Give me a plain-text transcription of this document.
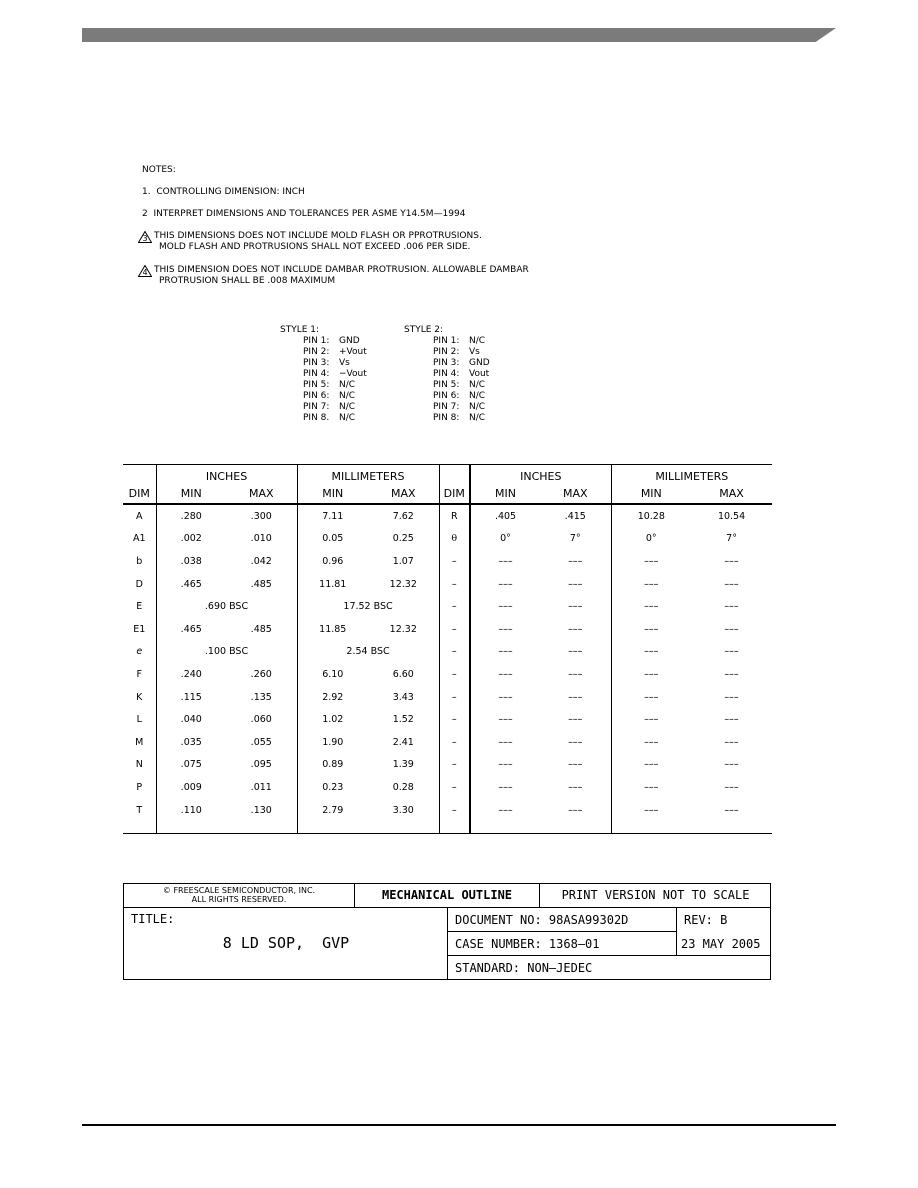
NOTES:
1. CONTROLLING DIMENSION: INCH
2 INTERPRET DIMENSIONS AND TOLERANCES PER ASME Y14.5M—1994
3 THIS DIMENSIONS DOES NOT INCLUDE MOLD FLASH OR PPROTRUSIONS.
MOLD FLASH AND PROTRUSIONS SHALL NOT EXCEED .006 PER SIDE.
4 THIS DIMENSION DOES NOT INCLUDE DAMBAR PROTRUSION. ALLOWABLE DAMBAR
PROTRUSION SHALL BE .008 MAXIMUM
STYLE 1:
PIN 1: GND
PIN 2: +Vout
PIN 3: Vs
PIN 4: −Vout
PIN 5: N/C
PIN 6: N/C
PIN 7: N/C
PIN 8. N/C
STYLE 2:
PIN 1: N/C
PIN 2: Vs
PIN 3: GND
PIN 4: Vout
PIN 5: N/C
PIN 6: N/C
PIN 7: N/C
PIN 8: N/C
	INCHES		MILLIMETERS			INCHES		MILLIMETERS	
DIM	MIN	MAX	MIN	MAX	DIM	MIN	MAX	MIN	MAX
A	.280	.300	7.11	7.62	R	.405	.415	10.28	10.54
A1	.002	.010	0.05	0.25	θ	0°	7°	0°	7°
b	.038	.042	0.96	1.07	–	–––	–––	–––	–––
D	.465	.485	11.81	12.32	–	–––	–––	–––	–––
E	.690 BSC		17.52 BSC		–	–––	–––	–––	–––
E1	.465	.485	11.85	12.32	–	–––	–––	–––	–––
e	.100 BSC		2.54 BSC		–	–––	–––	–––	–––
F	.240	.260	6.10	6.60	–	–––	–––	–––	–––
K	.115	.135	2.92	3.43	–	–––	–––	–––	–––
L	.040	.060	1.02	1.52	–	–––	–––	–––	–––
M	.035	.055	1.90	2.41	–	–––	–––	–––	–––
N	.075	.095	0.89	1.39	–	–––	–––	–––	–––
P	.009	.011	0.23	0.28	–	–––	–––	–––	–––
T	.110	.130	2.79	3.30	–	–––	–––	–––	–––

© FREESCALE SEMICONDUCTOR, INC.
ALL RIGHTS RESERVED.	MECHANICAL OUTLINE	PRINT VERSION NOT TO SCALE
TITLE:
8 LD SOP,  GVP
DOCUMENT NO: 98ASA99302D	REV: B
CASE NUMBER: 1368–01	23 MAY 2005
STANDARD: NON–JEDEC
